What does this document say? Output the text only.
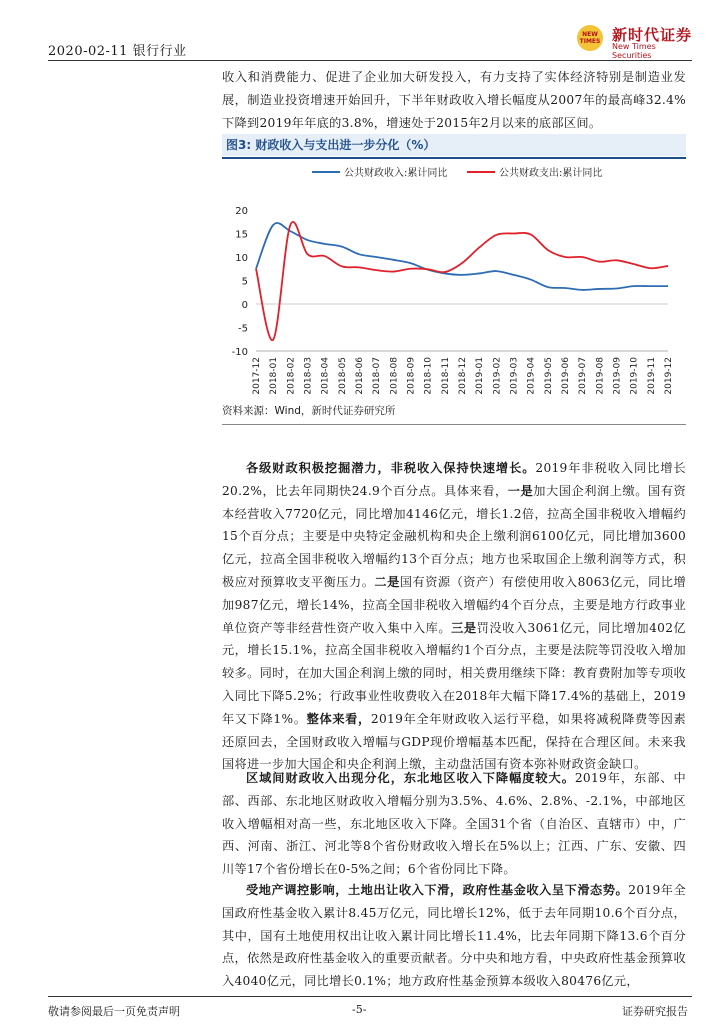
2020-02-11 银行行业
NEW
TIMES 新时代证券
New Times Securities

收入和消费能力、促进了企业加大研发投入，有力支持了实体经济特别是制造业发展，制造业投资增速开始回升，下半年财政收入增长幅度从2007年的最高峰32.4%下降到2019年年底的3.8%，增速处于2015年2月以来的底部区间。

图3: 财政收入与支出进一步分化（%）
公共财政收入:累计同比	公共财政支出:累计同比
-10
-5
0
5
10
15
20
2017-12 2018-01 2018-02 2018-03 2018-04 2018-05 2018-06 2018-07 2018-08 2018-09 2018-10 2018-11 2018-12 2019-01 2019-02 2019-03 2019-04 2019-05 2019-06 2019-07 2019-08 2019-09 2019-10 2019-11 2019-12
资料来源：Wind，新时代证券研究所

各级财政积极挖掘潜力，非税收入保持快速增长。2019年非税收入同比增长20.2%，比去年同期快24.9个百分点。具体来看，一是加大国企利润上缴。国有资本经营收入7720亿元，同比增加4146亿元，增长1.2倍，拉高全国非税收入增幅约15个百分点；主要是中央特定金融机构和央企上缴利润6100亿元，同比增加3600亿元，拉高全国非税收入增幅约13个百分点；地方也采取国企上缴利润等方式，积极应对预算收支平衡压力。二是国有资源（资产）有偿使用收入8063亿元，同比增加987亿元，增长14%，拉高全国非税收入增幅约4个百分点，主要是地方行政事业单位资产等非经营性资产收入集中入库。三是罚没收入3061亿元，同比增加402亿元，增长15.1%，拉高全国非税收入增幅约1个百分点，主要是法院等罚没收入增加较多。同时，在加大国企利润上缴的同时，相关费用继续下降：教育费附加等专项收入同比下降5.2%；行政事业性收费收入在2018年大幅下降17.4%的基础上，2019年又下降1%。整体来看，2019年全年财政收入运行平稳，如果将减税降费等因素还原回去，全国财政收入增幅与GDP现价增幅基本匹配，保持在合理区间。未来我国将进一步加大国企和央企利润上缴，主动盘活国有资本弥补财政资金缺口。

区域间财政收入出现分化，东北地区收入下降幅度较大。2019年，东部、中部、西部、东北地区财政收入增幅分别为3.5%、4.6%、2.8%、-2.1%，中部地区收入增幅相对高一些，东北地区收入下降。全国31个省（自治区、直辖市）中，广西、河南、浙江、河北等8个省份财政收入增长在5%以上；江西、广东、安徽、四川等17个省份增长在0-5%之间；6个省份同比下降。

受地产调控影响，土地出让收入下滑，政府性基金收入呈下滑态势。2019年全国政府性基金收入累计8.45万亿元，同比增长12%，低于去年同期10.6个百分点，其中，国有土地使用权出让收入累计同比增长11.4%，比去年同期下降13.6个百分点，依然是政府性基金收入的重要贡献者。分中央和地方看，中央政府性基金预算收入4040亿元，同比增长0.1%；地方政府性基金预算本级收入80476亿元，

敬请参阅最后一页免责声明	-5-	证券研究报告
